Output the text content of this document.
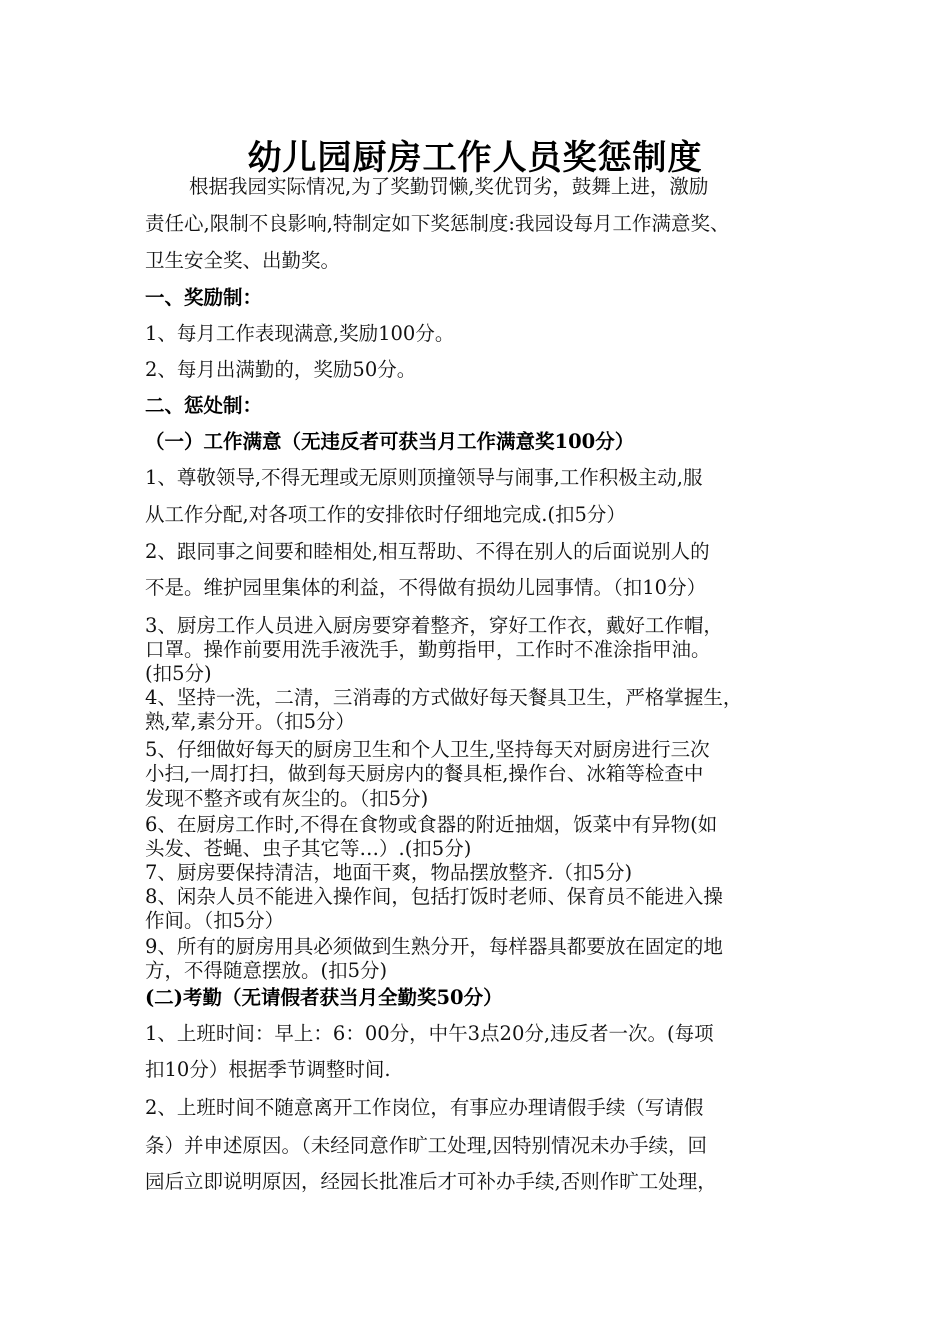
幼儿园厨房工作人员奖惩制度

根据我园实际情况,为了奖勤罚懒,奖优罚劣，鼓舞上进，激励

责任心,限制不良影响,特制定如下奖惩制度:我园设每月工作满意奖、

卫生安全奖、出勤奖。

一、奖励制：

1、每月工作表现满意,奖励100分。

2、每月出满勤的，奖励50分。

二、惩处制：

（一）工作满意（无违反者可获当月工作满意奖100分）

1、尊敬领导,不得无理或无原则顶撞领导与闹事,工作积极主动,服

从工作分配,对各项工作的安排依时仔细地完成.(扣5分）

2、跟同事之间要和睦相处,相互帮助、不得在别人的后面说别人的

不是。维护园里集体的利益，不得做有损幼儿园事情。（扣10分）

3、厨房工作人员进入厨房要穿着整齐，穿好工作衣，戴好工作帽，

口罩。操作前要用洗手液洗手，勤剪指甲，工作时不准涂指甲油。

(扣5分)

4、坚持一洗，二清，三消毒的方式做好每天餐具卫生，严格掌握生，

熟,荤,素分开。（扣5分）

5、仔细做好每天的厨房卫生和个人卫生,坚持每天对厨房进行三次

小扫,一周打扫，做到每天厨房内的餐具柜,操作台、冰箱等检查中

发现不整齐或有灰尘的。（扣5分)

6、在厨房工作时,不得在食物或食器的附近抽烟，饭菜中有异物(如

头发、苍蝇、虫子其它等…）.(扣5分)

7、厨房要保持清洁，地面干爽，物品摆放整齐.（扣5分)

8、闲杂人员不能进入操作间，包括打饭时老师、保育员不能进入操

作间。（扣5分）

9、所有的厨房用具必须做到生熟分开，每样器具都要放在固定的地

方，不得随意摆放。(扣5分)

(二)考勤（无请假者获当月全勤奖50分）

1、上班时间：早上：6：00分，中午3点20分,违反者一次。(每项

扣10分）根据季节调整时间.

2、上班时间不随意离开工作岗位，有事应办理请假手续（写请假

条）并申述原因。（未经同意作旷工处理,因特别情况未办手续，回

园后立即说明原因，经园长批准后才可补办手续,否则作旷工处理，
